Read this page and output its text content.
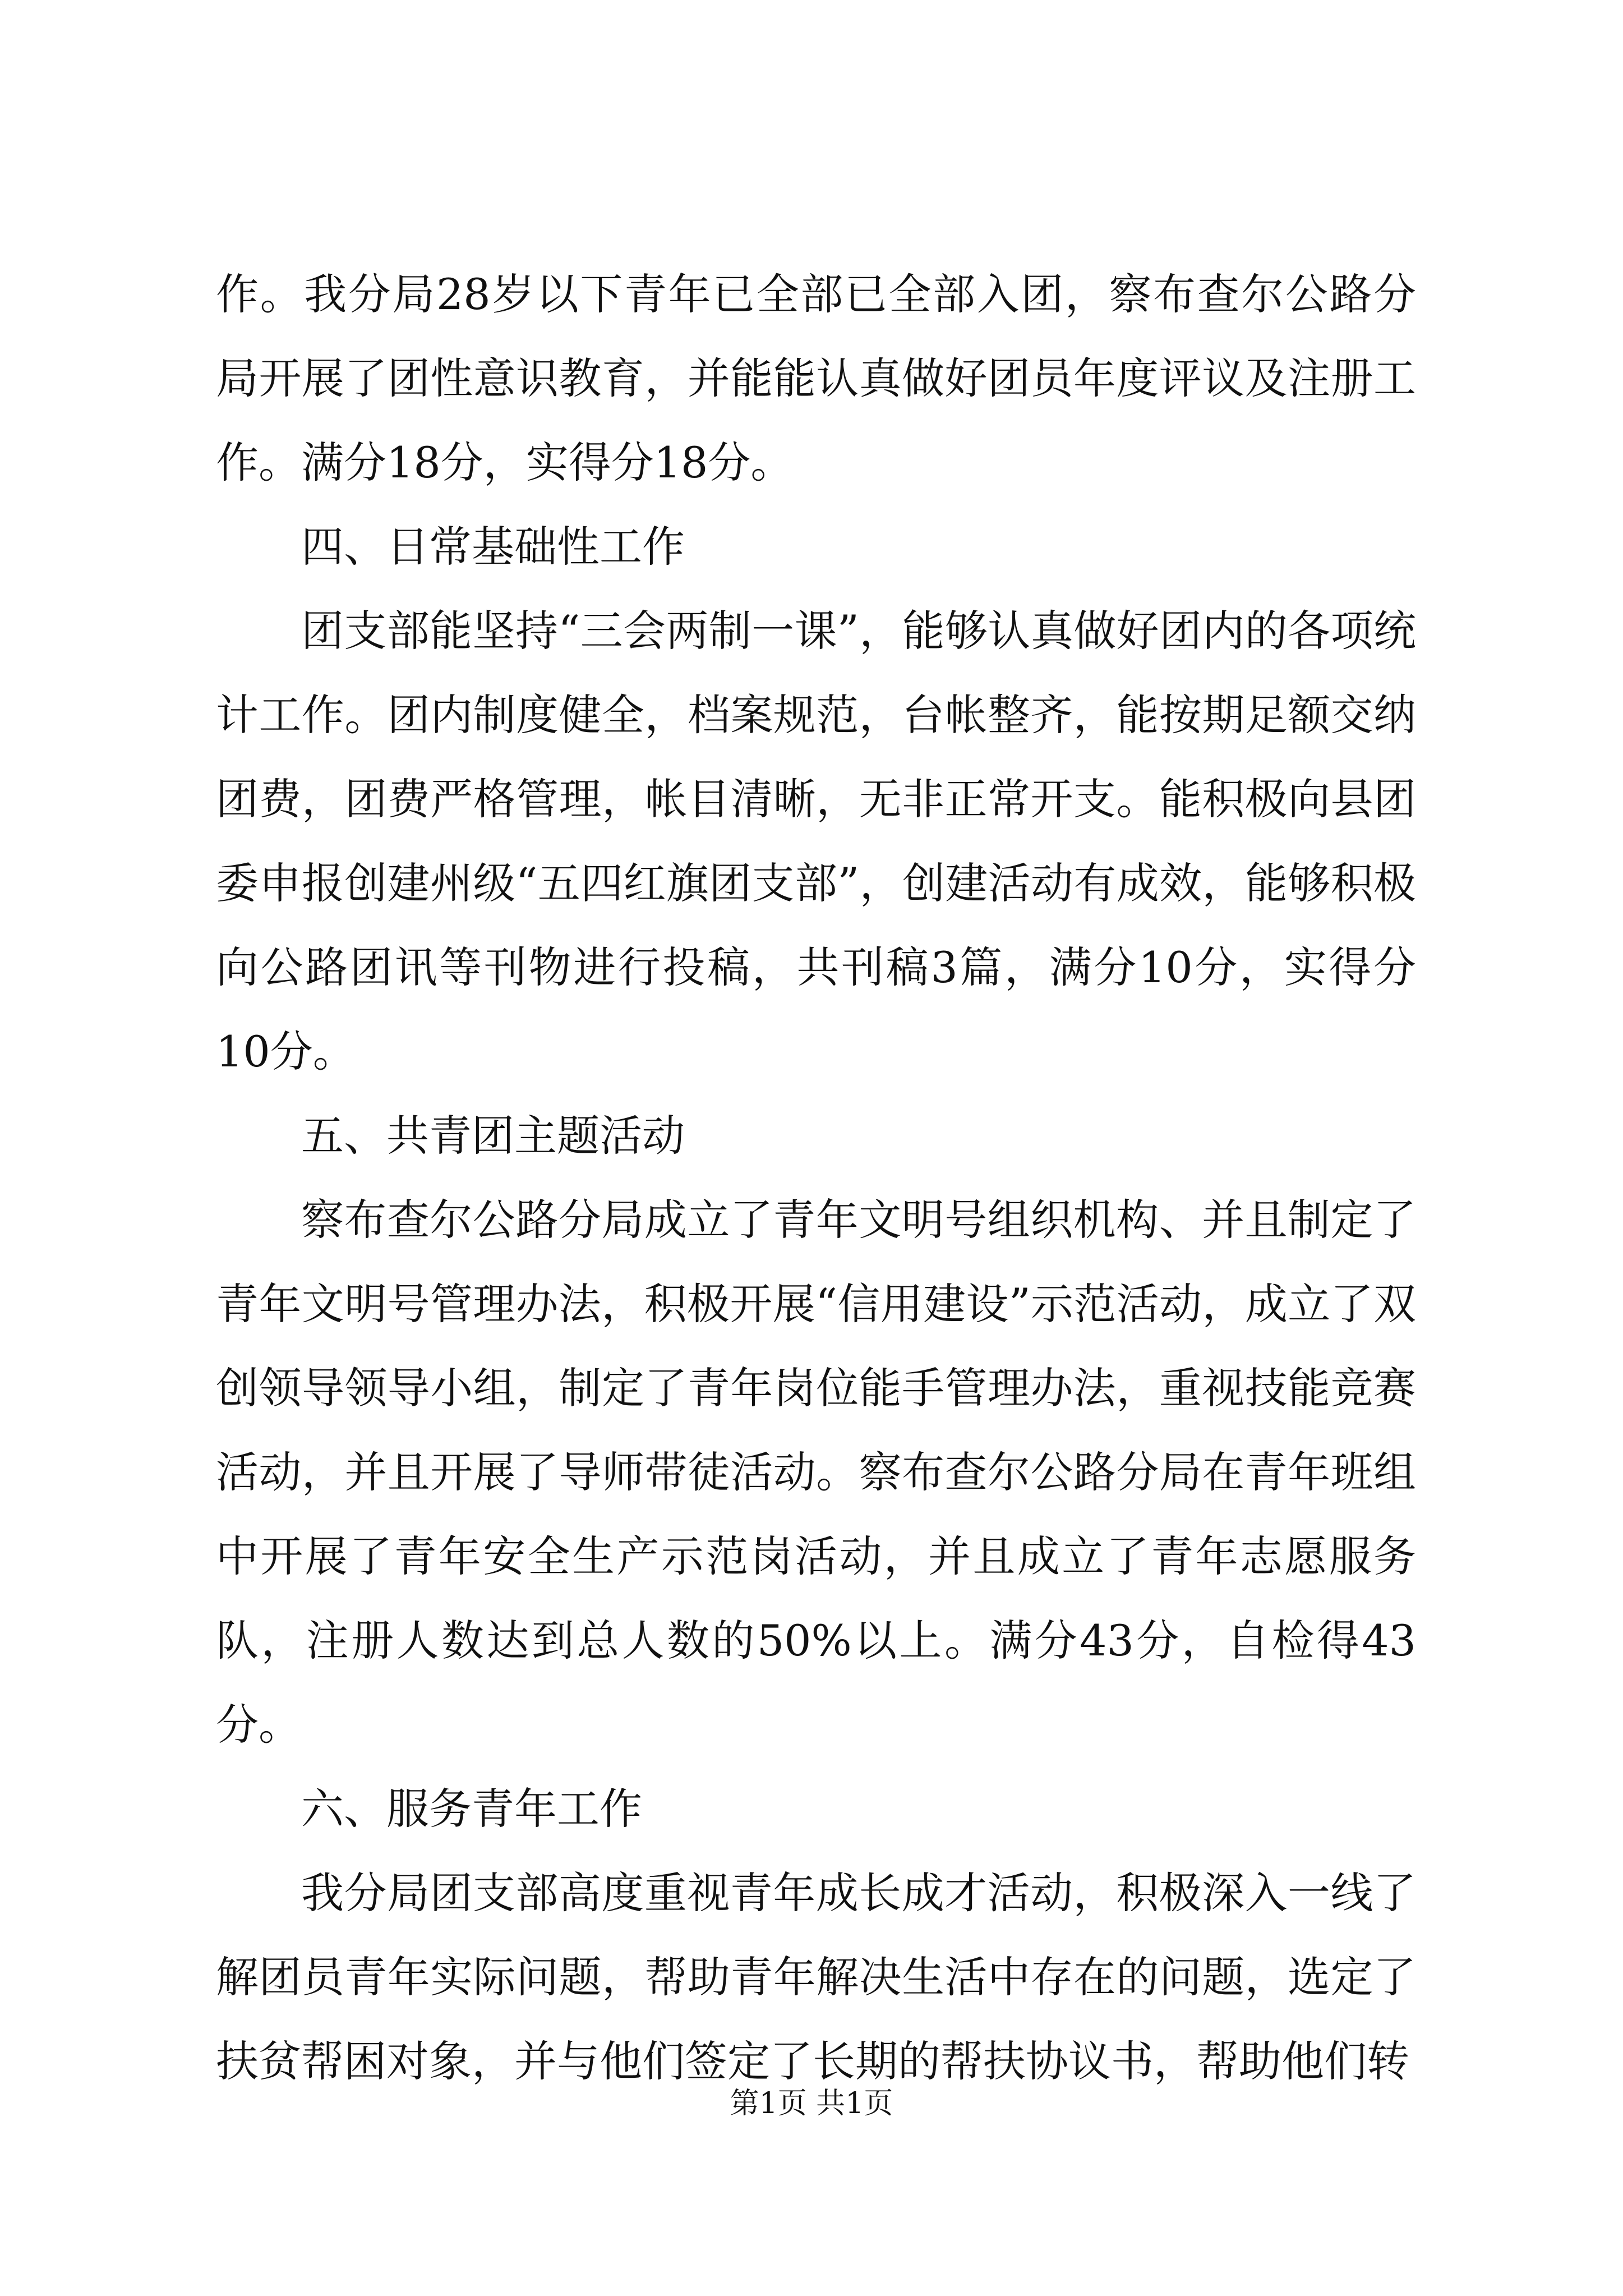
作。我分局28岁以下青年已全部已全部入团，察布查尔公路分局开展了团性意识教育，并能能认真做好团员年度评议及注册工作。满分18分，实得分18分。

四、日常基础性工作

团支部能坚持“三会两制一课”，能够认真做好团内的各项统计工作。团内制度健全，档案规范，台帐整齐，能按期足额交纳团费，团费严格管理，帐目清晰，无非正常开支。能积极向县团委申报创建州级“五四红旗团支部”，创建活动有成效，能够积极向公路团讯等刊物进行投稿，共刊稿3篇，满分10分，实得分10分。

五、共青团主题活动

察布查尔公路分局成立了青年文明号组织机构、并且制定了青年文明号管理办法，积极开展“信用建设”示范活动，成立了双创领导领导小组，制定了青年岗位能手管理办法，重视技能竞赛活动，并且开展了导师带徒活动。察布查尔公路分局在青年班组中开展了青年安全生产示范岗活动，并且成立了青年志愿服务队，注册人数达到总人数的50%以上。满分43分，自检得43分。

六、服务青年工作

我分局团支部高度重视青年成长成才活动，积极深入一线了解团员青年实际问题，帮助青年解决生活中存在的问题，选定了扶贫帮困对象，并与他们签定了长期的帮扶协议书，帮助他们转

第1页 共1页
